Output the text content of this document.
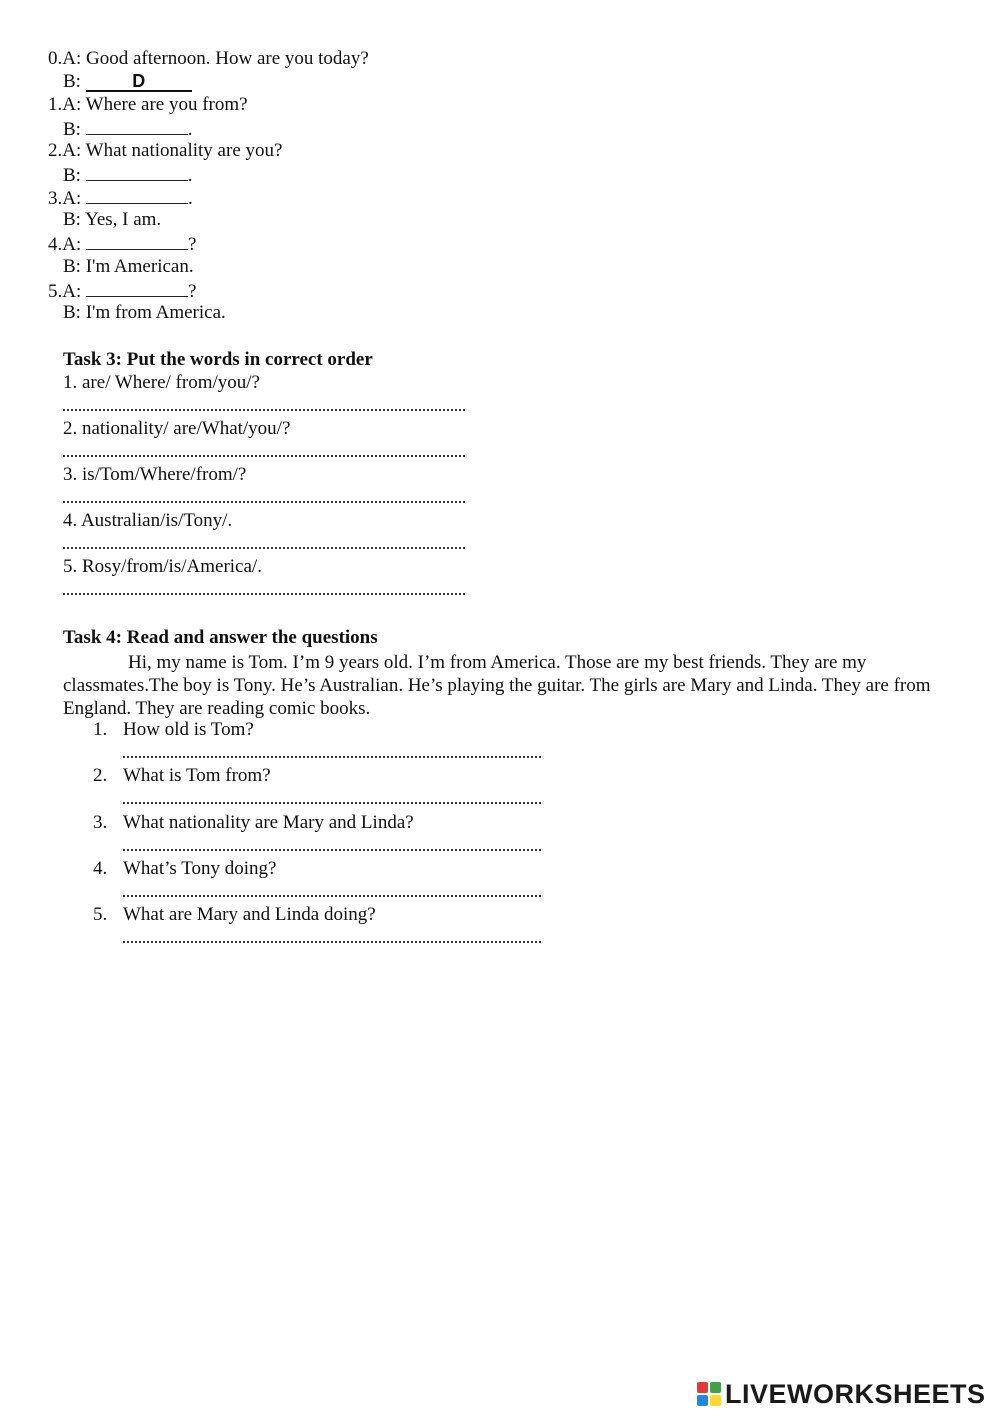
0.A: Good afternoon. How are you today?
B:	D
1.A: Where are you from?
B:	.
2.A: What nationality are you?
B:	.
3.A:	.
B: Yes, I am.
4.A:	?
B: I'm American.
5.A:	?
B: I'm from America.
Task 3: Put the words in correct order
1. are/ Where/ from/you/?
2. nationality/ are/What/you/?
3. is/Tom/Where/from/?
4. Australian/is/Tony/.
5. Rosy/from/is/America/.
Task 4: Read and answer the questions
Hi, my name is Tom. I’m 9 years old. I’m from America. Those are my best friends. They are my classmates.The boy is Tony. He’s Australian. He’s playing the guitar. The girls are Mary and Linda. They are from England. They are reading comic books.
1. How old is Tom?
2. What is Tom from?
3. What nationality are Mary and Linda?
4. What’s Tony doing?
5. What are Mary and Linda doing?
LIVEWORKSHEETS
